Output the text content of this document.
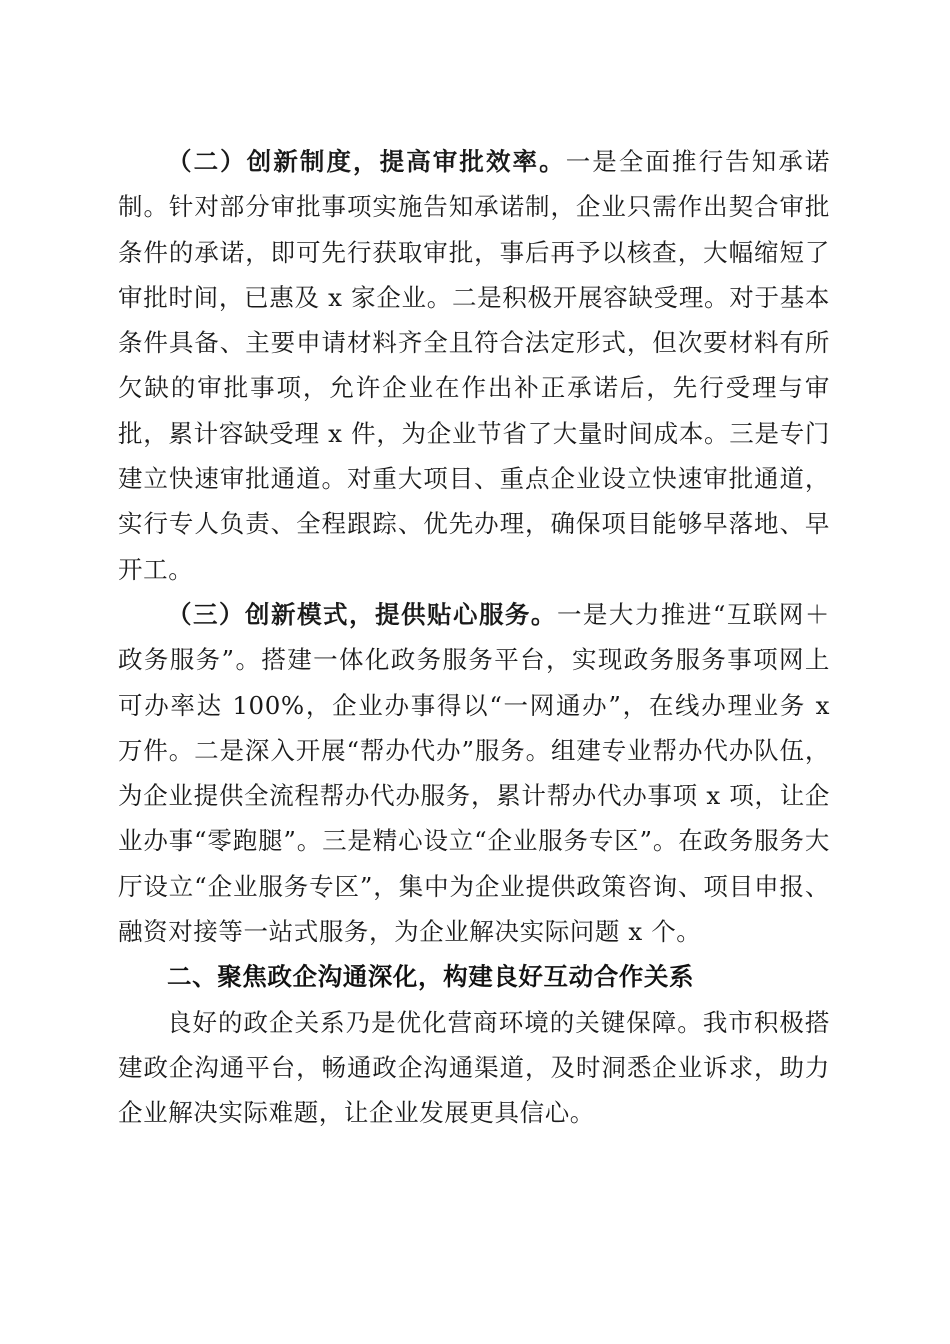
（二）创新制度，提高审批效率。一是全面推行告知承诺制。针对部分审批事项实施告知承诺制，企业只需作出契合审批条件的承诺，即可先行获取审批，事后再予以核查，大幅缩短了审批时间，已惠及 x 家企业。二是积极开展容缺受理。对于基本条件具备、主要申请材料齐全且符合法定形式，但次要材料有所欠缺的审批事项，允许企业在作出补正承诺后，先行受理与审批，累计容缺受理 x 件，为企业节省了大量时间成本。三是专门建立快速审批通道。对重大项目、重点企业设立快速审批通道，实行专人负责、全程跟踪、优先办理，确保项目能够早落地、早开工。

（三）创新模式，提供贴心服务。一是大力推进“互联网＋政务服务”。搭建一体化政务服务平台，实现政务服务事项网上可办率达 100%，企业办事得以“一网通办”，在线办理业务 x 万件。二是深入开展“帮办代办”服务。组建专业帮办代办队伍，为企业提供全流程帮办代办服务，累计帮办代办事项 x 项，让企业办事“零跑腿”。三是精心设立“企业服务专区”。在政务服务大厅设立“企业服务专区”，集中为企业提供政策咨询、项目申报、融资对接等一站式服务，为企业解决实际问题 x 个。

二、聚焦政企沟通深化，构建良好互动合作关系

良好的政企关系乃是优化营商环境的关键保障。我市积极搭建政企沟通平台，畅通政企沟通渠道，及时洞悉企业诉求，助力企业解决实际难题，让企业发展更具信心。
